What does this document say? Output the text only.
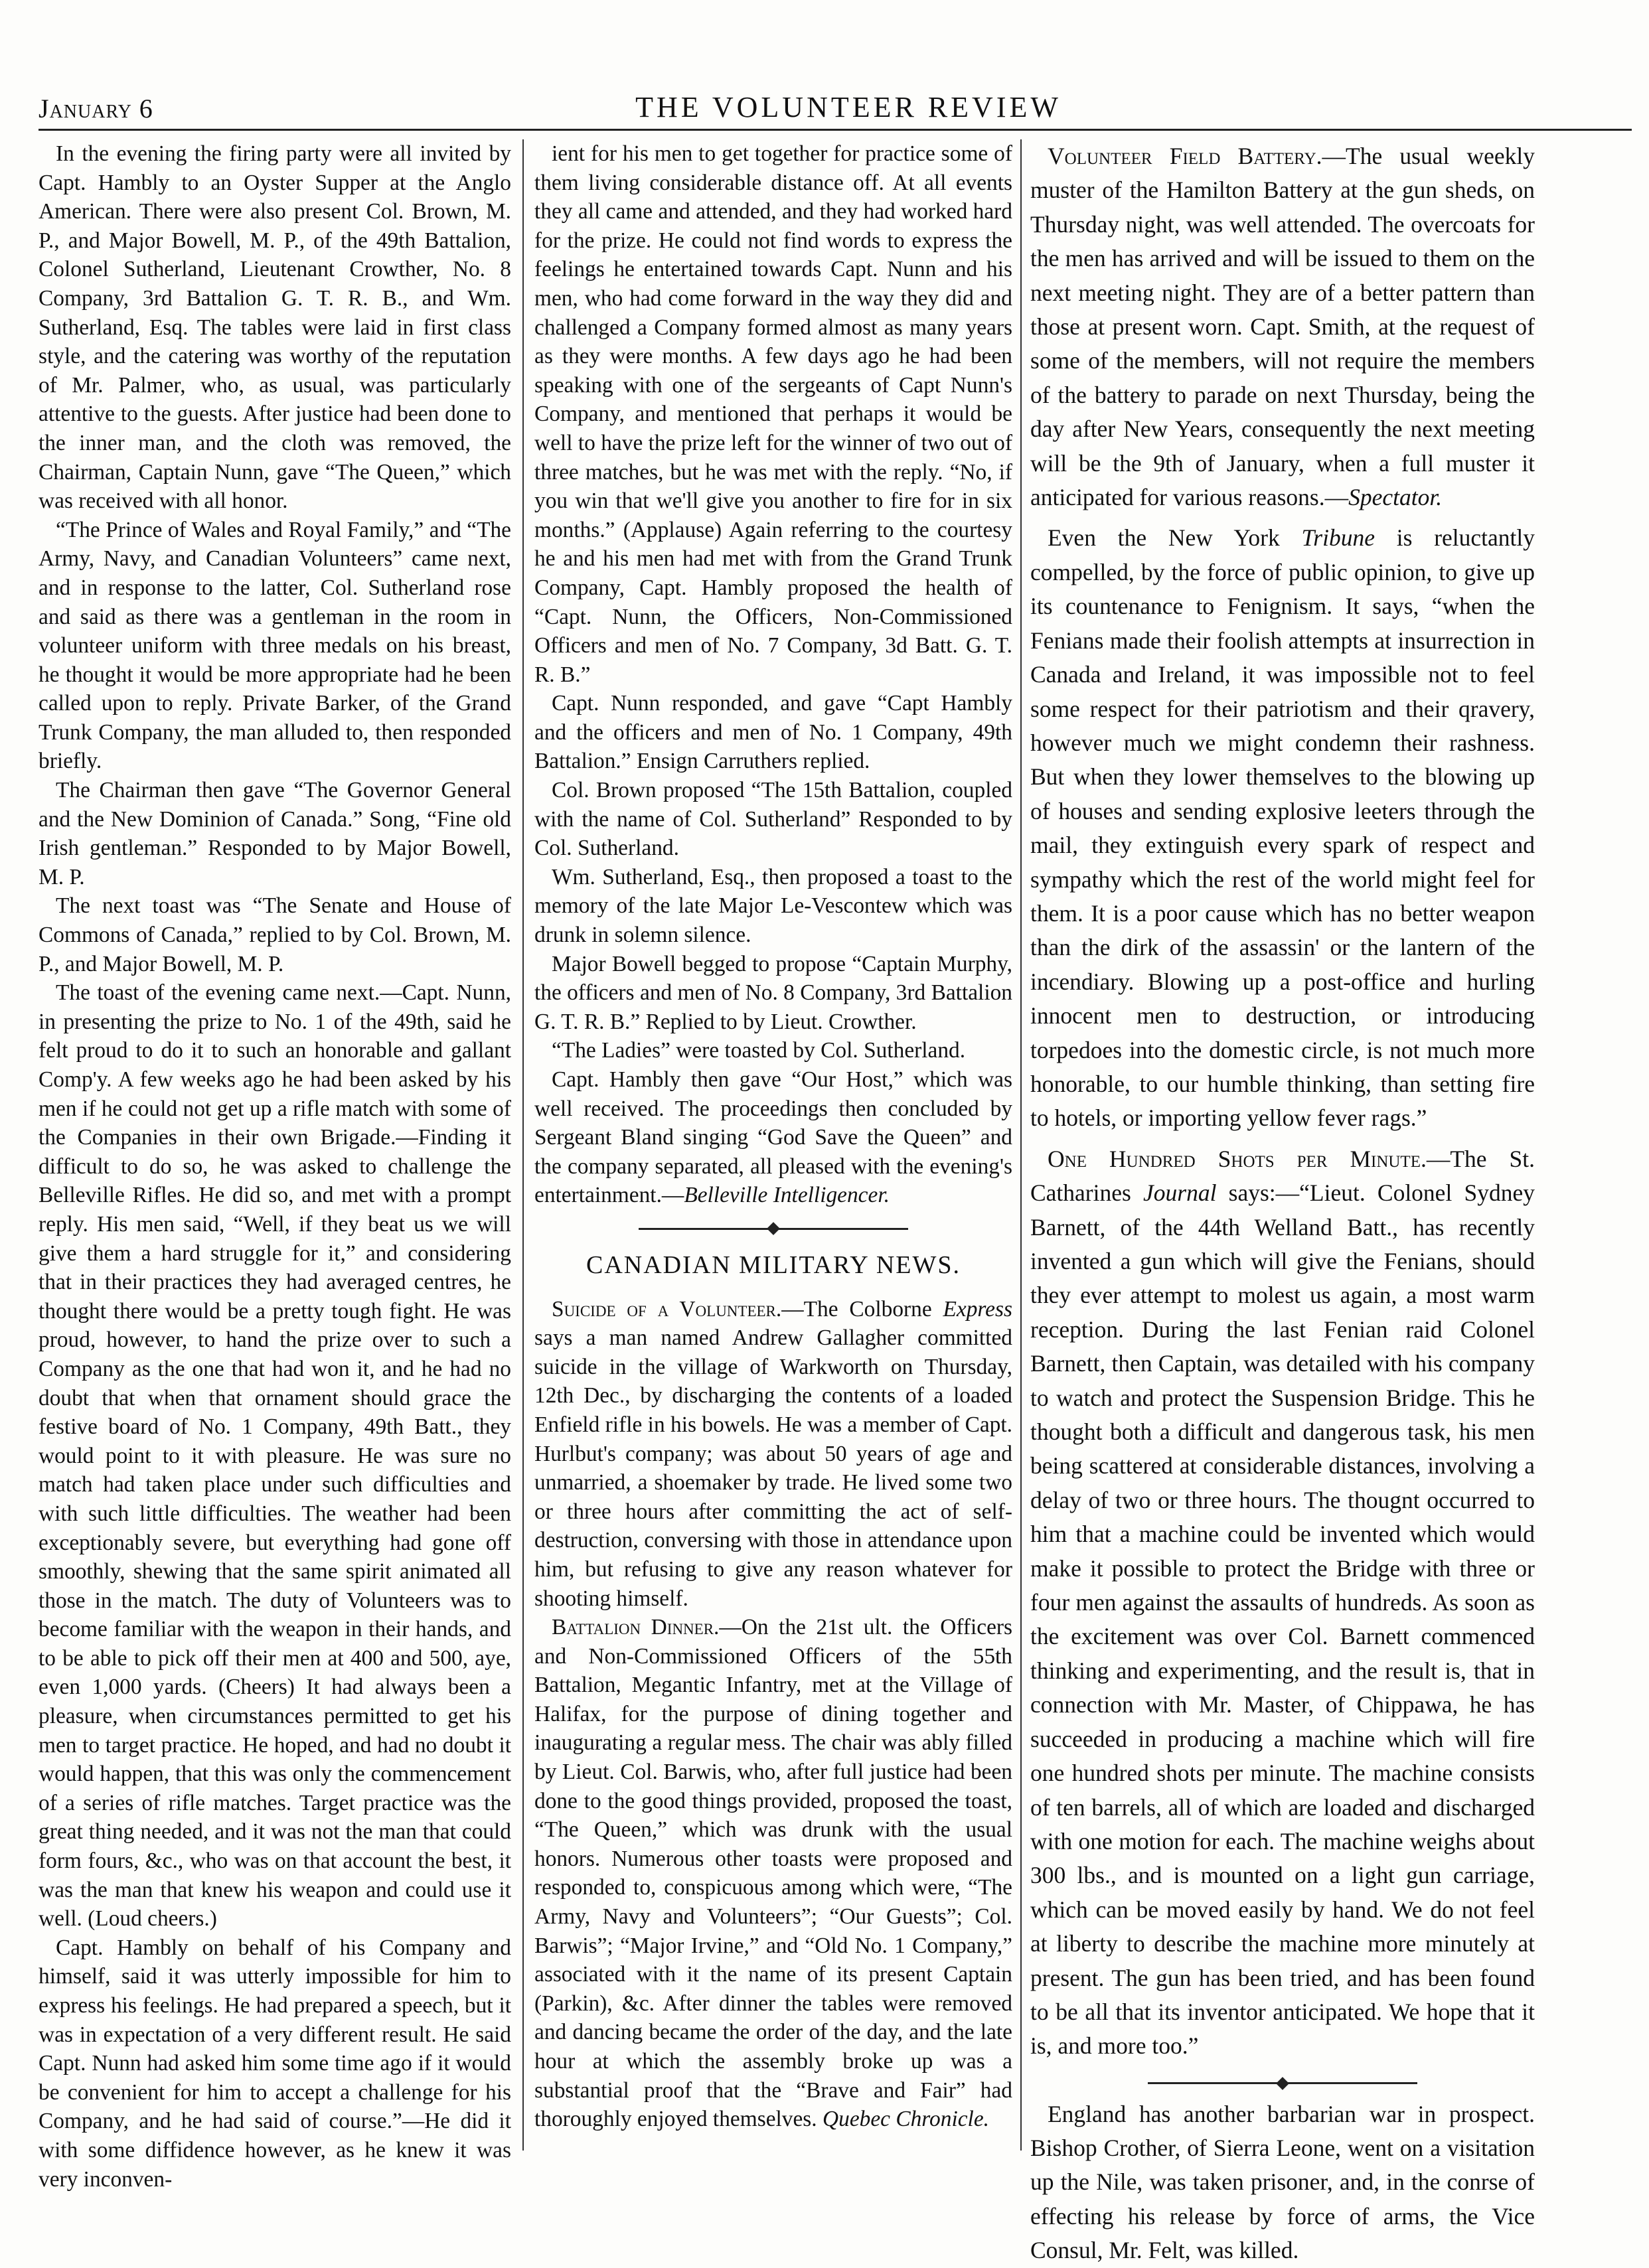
January 6	THE VOLUNTEER REVIEW

In the evening the firing party were all invited by Capt. Hambly to an Oyster Supper at the Anglo American. There were also present Col. Brown, M. P., and Major Bowell, M. P., of the 49th Battalion, Colonel Sutherland, Lieutenant Crowther, No. 8 Company, 3rd Battalion G. T. R. B., and Wm. Sutherland, Esq. The tables were laid in first class style, and the catering was worthy of the reputation of Mr. Palmer, who, as usual, was particularly attentive to the guests. After justice had been done to the inner man, and the cloth was removed, the Chairman, Captain Nunn, gave “The Queen,” which was received with all honor.

“The Prince of Wales and Royal Family,” and “The Army, Navy, and Canadian Volunteers” came next, and in response to the latter, Col. Sutherland rose and said as there was a gentleman in the room in volunteer uniform with three medals on his breast, he thought it would be more appropriate had he been called upon to reply. Private Barker, of the Grand Trunk Company, the man alluded to, then responded briefly.

The Chairman then gave “The Governor General and the New Dominion of Canada.” Song, “Fine old Irish gentleman.” Responded to by Major Bowell, M. P.

The next toast was “The Senate and House of Commons of Canada,” replied to by Col. Brown, M. P., and Major Bowell, M. P.

The toast of the evening came next.—Capt. Nunn, in presenting the prize to No. 1 of the 49th, said he felt proud to do it to such an honorable and gallant Comp'y. A few weeks ago he had been asked by his men if he could not get up a rifle match with some of the Companies in their own Brigade.—Finding it difficult to do so, he was asked to challenge the Belleville Rifles. He did so, and met with a prompt reply. His men said, “Well, if they beat us we will give them a hard struggle for it,” and considering that in their practices they had averaged centres, he thought there would be a pretty tough fight. He was proud, however, to hand the prize over to such a Company as the one that had won it, and he had no doubt that when that ornament should grace the festive board of No. 1 Company, 49th Batt., they would point to it with pleasure. He was sure no match had taken place under such difficulties and with such little difficulties. The weather had been exceptionably severe, but everything had gone off smoothly, shewing that the same spirit animated all those in the match. The duty of Volunteers was to become familiar with the weapon in their hands, and to be able to pick off their men at 400 and 500, aye, even 1,000 yards. (Cheers) It had always been a pleasure, when circumstances permitted to get his men to target practice. He hoped, and had no doubt it would happen, that this was only the commencement of a series of rifle matches. Target practice was the great thing needed, and it was not the man that could form fours, &c., who was on that account the best, it was the man that knew his weapon and could use it well. (Loud cheers.)

Capt. Hambly on behalf of his Company and himself, said it was utterly impossible for him to express his feelings. He had prepared a speech, but it was in expectation of a very different result. He said Capt. Nunn had asked him some time ago if it would be convenient for him to accept a challenge for his Company, and he had said of course.”—He did it with some diffidence however, as he knew it was very inconven-

ient for his men to get together for practice some of them living considerable distance off. At all events they all came and attended, and they had worked hard for the prize. He could not find words to express the feelings he entertained towards Capt. Nunn and his men, who had come forward in the way they did and challenged a Company formed almost as many years as they were months. A few days ago he had been speaking with one of the sergeants of Capt Nunn's Company, and mentioned that perhaps it would be well to have the prize left for the winner of two out of three matches, but he was met with the reply. “No, if you win that we'll give you another to fire for in six months.” (Applause) Again referring to the courtesy he and his men had met with from the Grand Trunk Company, Capt. Hambly proposed the health of “Capt. Nunn, the Officers, Non-Commissioned Officers and men of No. 7 Company, 3d Batt. G. T. R. B.”

Capt. Nunn responded, and gave “Capt Hambly and the officers and men of No. 1 Company, 49th Battalion.” Ensign Carruthers replied.

Col. Brown proposed “The 15th Battalion, coupled with the name of Col. Sutherland” Responded to by Col. Sutherland.

Wm. Sutherland, Esq., then proposed a toast to the memory of the late Major Le-Vescontew which was drunk in solemn silence.

Major Bowell begged to propose “Captain Murphy, the officers and men of No. 8 Company, 3rd Battalion G. T. R. B.” Replied to by Lieut. Crowther.

“The Ladies” were toasted by Col. Sutherland.

Capt. Hambly then gave “Our Host,” which was well received. The proceedings then concluded by Sergeant Bland singing “God Save the Queen” and the company separated, all pleased with the evening's entertainment.—Belleville Intelligencer.

CANADIAN MILITARY NEWS.

Suicide of a Volunteer.—The Colborne Express says a man named Andrew Gallagher committed suicide in the village of Warkworth on Thursday, 12th Dec., by discharging the contents of a loaded Enfield rifle in his bowels. He was a member of Capt. Hurlbut's company; was about 50 years of age and unmarried, a shoemaker by trade. He lived some two or three hours after committing the act of self-destruction, conversing with those in attendance upon him, but refusing to give any reason whatever for shooting himself.

Battalion Dinner.—On the 21st ult. the Officers and Non-Commissioned Officers of the 55th Battalion, Megantic Infantry, met at the Village of Halifax, for the purpose of dining together and inaugurating a regular mess. The chair was ably filled by Lieut. Col. Barwis, who, after full justice had been done to the good things provided, proposed the toast, “The Queen,” which was drunk with the usual honors. Numerous other toasts were proposed and responded to, conspicuous among which were, “The Army, Navy and Volunteers”; “Our Guests”; Col. Barwis”; “Major Irvine,” and “Old No. 1 Company,” associated with it the name of its present Captain (Parkin), &c. After dinner the tables were removed and dancing became the order of the day, and the late hour at which the assembly broke up was a substantial proof that the “Brave and Fair” had thoroughly enjoyed themselves. Quebec Chronicle.

Volunteer Field Battery.—The usual weekly muster of the Hamilton Battery at the gun sheds, on Thursday night, was well attended. The overcoats for the men has arrived and will be issued to them on the next meeting night. They are of a better pattern than those at present worn. Capt. Smith, at the request of some of the members, will not require the members of the battery to parade on next Thursday, being the day after New Years, consequently the next meeting will be the 9th of January, when a full muster it anticipated for various reasons.—Spectator.

Even the New York Tribune is reluctantly compelled, by the force of public opinion, to give up its countenance to Fenignism. It says, “when the Fenians made their foolish attempts at insurrection in Canada and Ireland, it was impossible not to feel some respect for their patriotism and their qravery, however much we might condemn their rashness. But when they lower themselves to the blowing up of houses and sending explosive leeters through the mail, they extinguish every spark of respect and sympathy which the rest of the world might feel for them. It is a poor cause which has no better weapon than the dirk of the assassin' or the lantern of the incendiary. Blowing up a post-office and hurling innocent men to destruction, or introducing torpedoes into the domestic circle, is not much more honorable, to our humble thinking, than setting fire to hotels, or importing yellow fever rags.”

One Hundred Shots per Minute.—The St. Catharines Journal says:—“Lieut. Colonel Sydney Barnett, of the 44th Welland Batt., has recently invented a gun which will give the Fenians, should they ever attempt to molest us again, a most warm reception. During the last Fenian raid Colonel Barnett, then Captain, was detailed with his company to watch and protect the Suspension Bridge. This he thought both a difficult and dangerous task, his men being scattered at considerable distances, involving a delay of two or three hours. The thougnt occurred to him that a machine could be invented which would make it possible to protect the Bridge with three or four men against the assaults of hundreds. As soon as the excitement was over Col. Barnett commenced thinking and experimenting, and the result is, that in connection with Mr. Master, of Chippawa, he has succeeded in producing a machine which will fire one hundred shots per minute. The machine consists of ten barrels, all of which are loaded and discharged with one motion for each. The machine weighs about 300 lbs., and is mounted on a light gun carriage, which can be moved easily by hand. We do not feel at liberty to describe the machine more minutely at present. The gun has been tried, and has been found to be all that its inventor anticipated. We hope that it is, and more too.”

England has another barbarian war in prospect. Bishop Crother, of Sierra Leone, went on a visitation up the Nile, was taken prisoner, and, in the conrse of effecting his release by force of arms, the Vice Consul, Mr. Felt, was killed.
